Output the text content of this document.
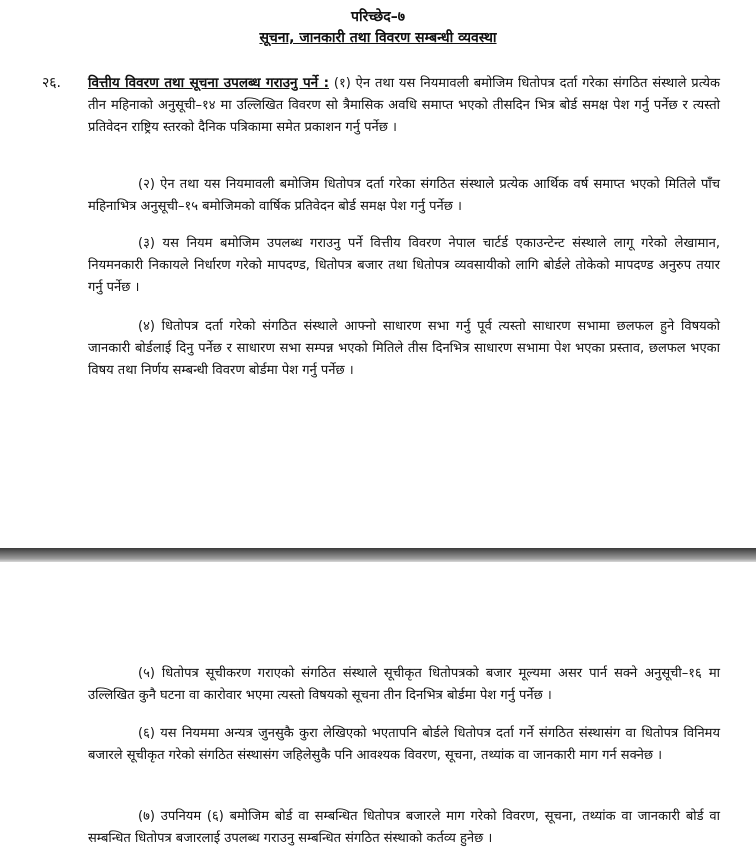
परिच्छेद–७
सूचना, जानकारी तथा विवरण सम्बन्धी व्यवस्था
२६. वित्तीय विवरण तथा सूचना उपलब्ध गराउनु पर्ने : (१) ऐन तथा यस नियमावली बमोजिम धितोपत्र दर्ता गरेका संगठित संस्थाले प्रत्येक तीन महिनाको अनुसूची–१४ मा उल्लिखित विवरण सो त्रैमासिक अवधि समाप्त भएको तीसदिन भित्र बोर्ड समक्ष पेश गर्नु पर्नेछ र त्यस्तो प्रतिवेदन राष्ट्रिय स्तरको दैनिक पत्रिकामा समेत प्रकाशन गर्नु पर्नेछ ।

(२) ऐन तथा यस नियमावली बमोजिम धितोपत्र दर्ता गरेका संगठित संस्थाले प्रत्येक आर्थिक वर्ष समाप्त भएको मितिले पाँच महिनाभित्र अनुसूची–१५ बमोजिमको वार्षिक प्रतिवेदन बोर्ड समक्ष पेश गर्नु पर्नेछ ।

(३) यस नियम बमोजिम उपलब्ध गराउनु पर्ने वित्तीय विवरण नेपाल चार्टर्ड एकाउन्टेन्ट संस्थाले लागू गरेको लेखामान, नियमनकारी निकायले निर्धारण गरेको मापदण्ड, धितोपत्र बजार तथा धितोपत्र व्यवसायीको लागि बोर्डले तोकेको मापदण्ड अनुरुप तयार गर्नु पर्नेछ ।

(४) धितोपत्र दर्ता गरेको संगठित संस्थाले आफ्नो साधारण सभा गर्नु पूर्व त्यस्तो साधारण सभामा छलफल हुने विषयको जानकारी बोर्डलाई दिनु पर्नेछ र साधारण सभा सम्पन्न भएको मितिले तीस दिनभित्र साधारण सभामा पेश भएका प्रस्ताव, छलफल भएका विषय तथा निर्णय सम्बन्धी विवरण बोर्डमा पेश गर्नु पर्नेछ ।

(५) धितोपत्र सूचीकरण गराएको संगठित संस्थाले सूचीकृत धितोपत्रको बजार मूल्यमा असर पार्न सक्ने अनुसूची–१६ मा उल्लिखित कुनै घटना वा कारोवार भएमा त्यस्तो विषयको सूचना तीन दिनभित्र बोर्डमा पेश गर्नु पर्नेछ ।

(६) यस नियममा अन्यत्र जुनसुकै कुरा लेखिएको भएतापनि बोर्डले धितोपत्र दर्ता गर्ने संगठित संस्थासंग वा धितोपत्र विनिमय बजारले सूचीकृत गरेको संगठित संस्थासंग जहिलेसुकै पनि आवश्यक विवरण, सूचना, तथ्यांक वा जानकारी माग गर्न सक्नेछ ।

(७) उपनियम (६) बमोजिम बोर्ड वा सम्बन्धित धितोपत्र बजारले माग गरेको विवरण, सूचना, तथ्यांक वा जानकारी बोर्ड वा सम्बन्धित धितोपत्र बजारलाई उपलब्ध गराउनु सम्बन्धित संगठित संस्थाको कर्तव्य हुनेछ ।
